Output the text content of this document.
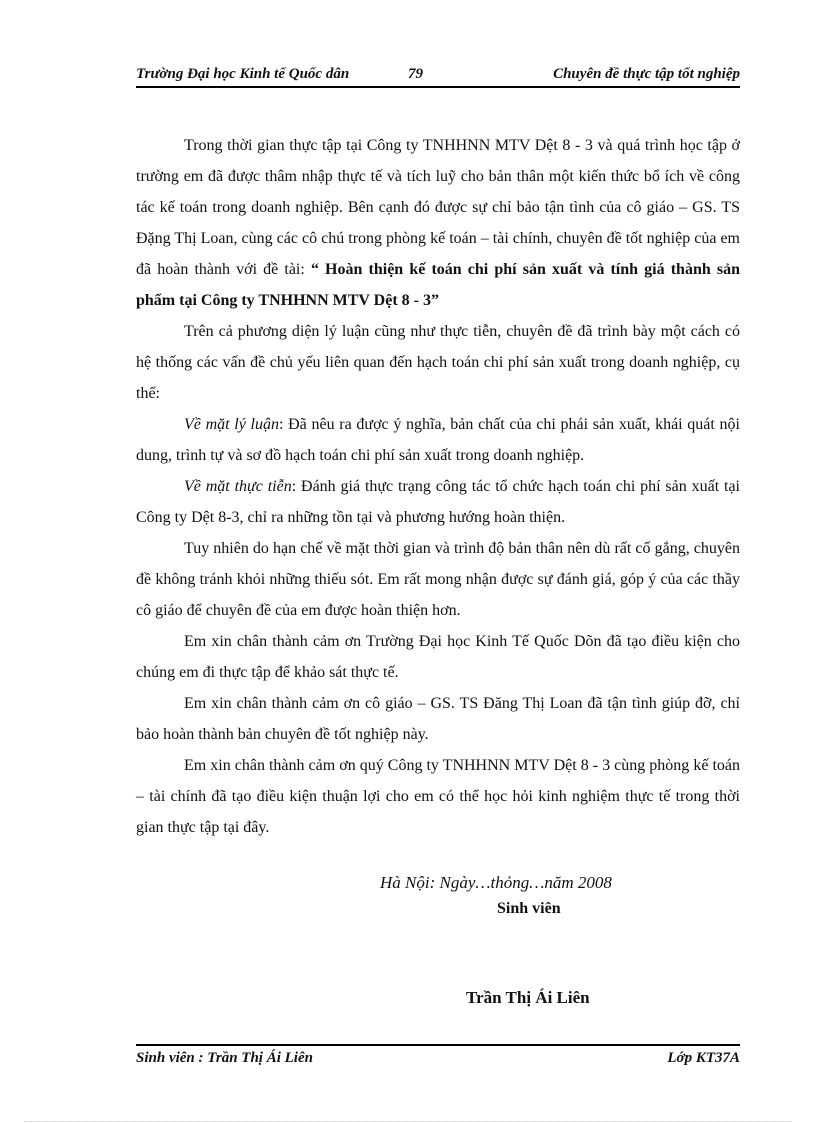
Trường Đại học Kinh tế Quốc dân	79	Chuyên đề thực tập tốt nghiệp

Trong thời gian thực tập tại Công ty TNHHNN MTV Dệt 8 - 3 và quá trình học tập ở trường em đã được thâm nhập thực tế và tích luỹ cho bản thân một kiến thức bổ ích về công tác kế toán trong doanh nghiệp. Bên cạnh đó được sự chỉ bảo tận tình của cô giáo – GS. TS Đặng Thị Loan, cùng các cô chú trong phòng kế toán – tài chính, chuyên đề tốt nghiệp của em đã hoàn thành với đề tài: “ Hoàn thiện kế toán chi phí sản xuất và tính giá thành sản phẩm tại Công ty TNHHNN MTV Dệt 8 - 3”

Trên cả phương diện lý luận cũng như thực tiễn, chuyên đề đã trình bày một cách có hệ thống các vấn đề chủ yếu liên quan đến hạch toán chi phí sản xuất trong doanh nghiệp, cụ thể:

Về mặt lý luận: Đã nêu ra được ý nghĩa, bản chất của chi phái sản xuất, khái quát nội dung, trình tự và sơ đồ hạch toán chi phí sản xuất trong doanh nghiệp.

Về mặt thực tiễn: Đánh giá thực trạng công tác tổ chức hạch toán chi phí sản xuất tại Công ty Dệt 8-3, chỉ ra những tồn tại và phương hướng hoàn thiện.

Tuy nhiên do hạn chế về mặt thời gian và trình độ bản thân nên dù rất cố gắng, chuyên đề không tránh khỏi những thiếu sót. Em rất mong nhận được sự đánh giá, góp ý của các thầy cô giáo để chuyên đề của em được hoàn thiện hơn.

Em xin chân thành cảm ơn Trường Đại học Kinh Tế Quốc Dõn đã tạo điều kiện cho chúng em đi thực tập để khảo sát thực tế.

Em xin chân thành cảm ơn cô giáo – GS. TS Đăng Thị Loan đã tận tình giúp đỡ, chỉ bảo hoàn thành bản chuyên đề tốt nghiệp này.

Em xin chân thành cảm ơn quý Công ty TNHHNN MTV Dệt 8 - 3 cùng phòng kế toán – tài chính đã tạo điều kiện thuận lợi cho em có thể học hỏi kinh nghiệm thực tế trong thời gian thực tập tại đây.

Hà Nội: Ngày…thỏng…năm 2008
Sinh viên
Trần Thị Ái Liên
Sinh viên : Trần Thị Ái Liên	Lớp KT37A
